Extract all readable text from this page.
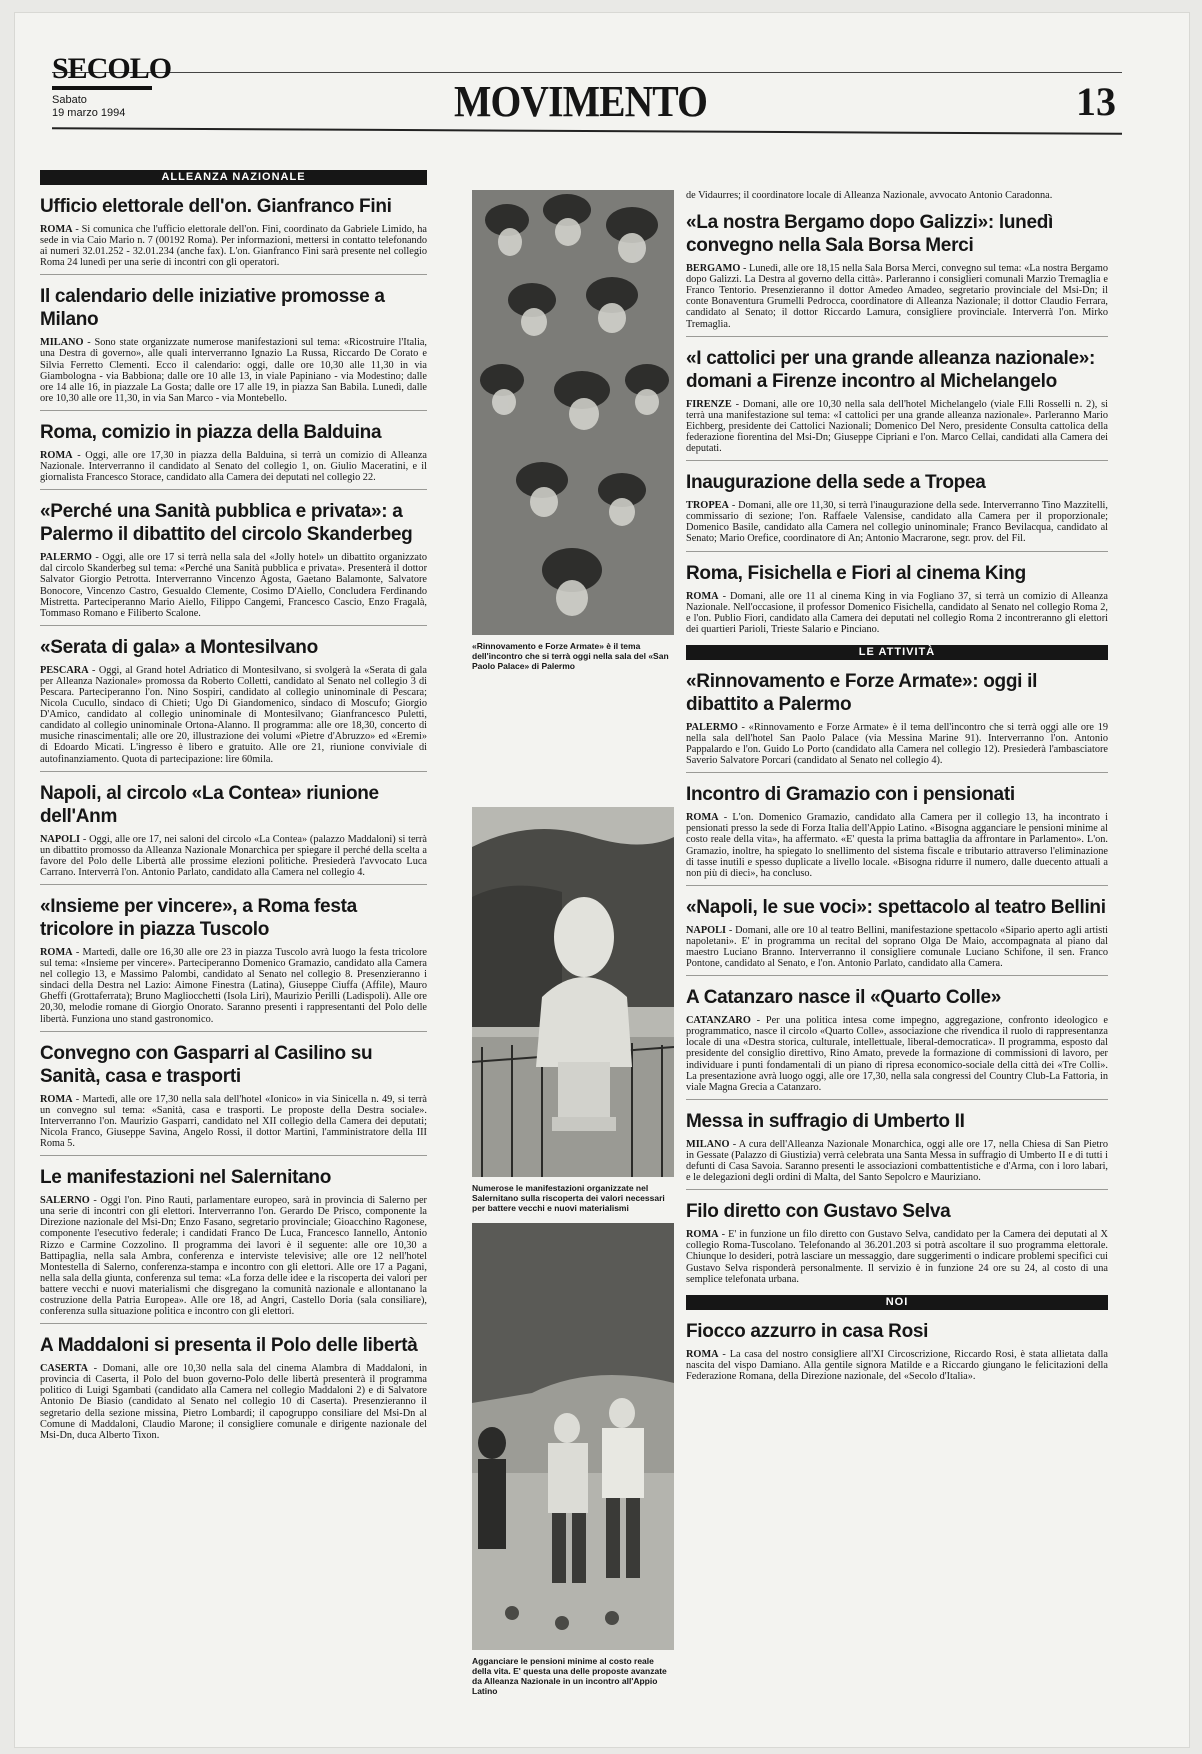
SECOLO
Sabato
19 marzo 1994	MOVIMENTO	13
ALLEANZA NAZIONALE
Ufficio elettorale dell'on. Gianfranco Fini

ROMA - Si comunica che l'ufficio elettorale dell'on. Fini, coordinato da Gabriele Limido, ha sede in via Caio Mario n. 7 (00192 Roma). Per informazioni, mettersi in contatto telefonando ai numeri 32.01.252 - 32.01.234 (anche fax). L'on. Gianfranco Fini sarà presente nel collegio Roma 24 lunedì per una serie di incontri con gli operatori.

Il calendario delle iniziative promosse a Milano

MILANO - Sono state organizzate numerose manifestazioni sul tema: «Ricostruire l'Italia, una Destra di governo», alle quali interverranno Ignazio La Russa, Riccardo De Corato e Silvia Ferretto Clementi. Ecco il calendario: oggi, dalle ore 10,30 alle 11,30 in via Giambologna - via Babbiona; dalle ore 10 alle 13, in viale Papiniano - via Modestino; dalle ore 14 alle 16, in piazzale La Gosta; dalle ore 17 alle 19, in piazza San Babila. Lunedì, dalle ore 10,30 alle ore 11,30, in via San Marco - via Montebello.

Roma, comizio in piazza della Balduina

ROMA - Oggi, alle ore 17,30 in piazza della Balduina, si terrà un comizio di Alleanza Nazionale. Interverranno il candidato al Senato del collegio 1, on. Giulio Maceratini, e il giornalista Francesco Storace, candidato alla Camera dei deputati nel collegio 22.

«Perché una Sanità pubblica e privata»: a Palermo il dibattito del circolo Skanderbeg

PALERMO - Oggi, alle ore 17 si terrà nella sala del «Jolly hotel» un dibattito organizzato dal circolo Skanderbeg sul tema: «Perché una Sanità pubblica e privata». Presenterà il dottor Salvator Giorgio Petrotta. Interverranno Vincenzo Agosta, Gaetano Balamonte, Salvatore Bonocore, Vincenzo Castro, Gesualdo Clemente, Cosimo D'Aiello, Concludera Ferdinando Mistretta. Parteciperanno Mario Aiello, Filippo Cangemi, Francesco Cascio, Enzo Fragalà, Tommaso Romano e Filiberto Scalone.

«Serata di gala» a Montesilvano

PESCARA - Oggi, al Grand hotel Adriatico di Montesilvano, si svolgerà la «Serata di gala per Alleanza Nazionale» promossa da Roberto Colletti, candidato al Senato nel collegio 3 di Pescara. Parteciperanno l'on. Nino Sospiri, candidato al collegio uninominale di Pescara; Nicola Cucullo, sindaco di Chieti; Ugo Di Giandomenico, sindaco di Moscufo; Giorgio D'Amico, candidato al collegio uninominale di Montesilvano; Gianfrancesco Puletti, candidato al collegio uninominale Ortona-Alanno. Il programma: alle ore 18,30, concerto di musiche rinascimentali; alle ore 20, illustrazione dei volumi «Pietre d'Abruzzo» ed «Eremi» di Edoardo Micati. L'ingresso è libero e gratuito. Alle ore 21, riunione conviviale di autofinanziamento. Quota di partecipazione: lire 60mila.

Napoli, al circolo «La Contea» riunione dell'Anm

NAPOLI - Oggi, alle ore 17, nei saloni del circolo «La Contea» (palazzo Maddaloni) si terrà un dibattito promosso da Alleanza Nazionale Monarchica per spiegare il perché della scelta a favore del Polo delle Libertà alle prossime elezioni politiche. Presiederà l'avvocato Luca Carrano. Interverrà l'on. Antonio Parlato, candidato alla Camera nel collegio 4.

«Insieme per vincere», a Roma festa tricolore in piazza Tuscolo

ROMA - Martedì, dalle ore 16,30 alle ore 23 in piazza Tuscolo avrà luogo la festa tricolore sul tema: «Insieme per vincere». Parteciperanno Domenico Gramazio, candidato alla Camera nel collegio 13, e Massimo Palombi, candidato al Senato nel collegio 8. Presenzieranno i sindaci della Destra nel Lazio: Aimone Finestra (Latina), Giuseppe Ciuffa (Affile), Mauro Gheffi (Grottaferrata); Bruno Magliocchetti (Isola Liri), Maurizio Perilli (Ladispoli). Alle ore 20,30, melodie romane di Giorgio Onorato. Saranno presenti i rappresentanti del Polo delle libertà. Funziona uno stand gastronomico.

Convegno con Gasparri al Casilino su Sanità, casa e trasporti

ROMA - Martedì, alle ore 17,30 nella sala dell'hotel «Ionico» in via Sinicella n. 49, si terrà un convegno sul tema: «Sanità, casa e trasporti. Le proposte della Destra sociale». Interverranno l'on. Maurizio Gasparri, candidato nel XII collegio della Camera dei deputati; Nicola Franco, Giuseppe Savina, Angelo Rossi, il dottor Martini, l'amministratore della III Roma 5.

Le manifestazioni nel Salernitano

SALERNO - Oggi l'on. Pino Rauti, parlamentare europeo, sarà in provincia di Salerno per una serie di incontri con gli elettori. Interverranno l'on. Gerardo De Prisco, componente la Direzione nazionale del Msi-Dn; Enzo Fasano, segretario provinciale; Gioacchino Ragonese, componente l'esecutivo federale; i candidati Franco De Luca, Francesco Iannello, Antonio Rizzo e Carmine Cozzolino. Il programma dei lavori è il seguente: alle ore 10,30 a Battipaglia, nella sala Ambra, conferenza e interviste televisive; alle ore 12 nell'hotel Montestella di Salerno, conferenza-stampa e incontro con gli elettori. Alle ore 17 a Pagani, nella sala della giunta, conferenza sul tema: «La forza delle idee e la riscoperta dei valori per battere vecchi e nuovi materialismi che disgregano la comunità nazionale e allontanano la costruzione della Patria Europea». Alle ore 18, ad Angri, Castello Doria (sala consiliare), conferenza sulla situazione politica e incontro con gli elettori.

A Maddaloni si presenta il Polo delle libertà

CASERTA - Domani, alle ore 10,30 nella sala del cinema Alambra di Maddaloni, in provincia di Caserta, il Polo del buon governo-Polo delle libertà presenterà il programma politico di Luigi Sgambati (candidato alla Camera nel collegio Maddaloni 2) e di Salvatore Antonio De Biasio (candidato al Senato nel collegio 10 di Caserta). Presenzieranno il segretario della sezione missina, Pietro Lombardi; il capogruppo consiliare del Msi-Dn al Comune di Maddaloni, Claudio Marone; il consigliere comunale e dirigente nazionale del Msi-Dn, duca Alberto Tixon.

«Rinnovamento e Forze Armate» è il tema dell'incontro che si terrà oggi nella sala del «San Paolo Palace» di Palermo
Numerose le manifestazioni organizzate nel Salernitano sulla riscoperta dei valori necessari per battere vecchi e nuovi materialismi
Agganciare le pensioni minime al costo reale della vita. E' questa una delle proposte avanzate da Alleanza Nazionale in un incontro all'Appio Latino

de Vidaurres; il coordinatore locale di Alleanza Nazionale, avvocato Antonio Caradonna.

«La nostra Bergamo dopo Galizzi»: lunedì convegno nella Sala Borsa Merci

BERGAMO - Lunedì, alle ore 18,15 nella Sala Borsa Merci, convegno sul tema: «La nostra Bergamo dopo Galizzi. La Destra al governo della città». Parleranno i consiglieri comunali Marzio Tremaglia e Franco Tentorio. Presenzieranno il dottor Amedeo Amadeo, segretario provinciale del Msi-Dn; il conte Bonaventura Grumelli Pedrocca, coordinatore di Alleanza Nazionale; il dottor Claudio Ferrara, candidato al Senato; il dottor Riccardo Lamura, consigliere provinciale. Interverrà l'on. Mirko Tremaglia.

«I cattolici per una grande alleanza nazionale»: domani a Firenze incontro al Michelangelo

FIRENZE - Domani, alle ore 10,30 nella sala dell'hotel Michelangelo (viale F.lli Rosselli n. 2), si terrà una manifestazione sul tema: «I cattolici per una grande alleanza nazionale». Parleranno Mario Eichberg, presidente dei Cattolici Nazionali; Domenico Del Nero, presidente Consulta cattolica della federazione fiorentina del Msi-Dn; Giuseppe Cipriani e l'on. Marco Cellai, candidati alla Camera dei deputati.

Inaugurazione della sede a Tropea

TROPEA - Domani, alle ore 11,30, si terrà l'inaugurazione della sede. Interverranno Tino Mazzitelli, commissario di sezione; l'on. Raffaele Valensise, candidato alla Camera per il proporzionale; Domenico Basile, candidato alla Camera nel collegio uninominale; Franco Bevilacqua, candidato al Senato; Mario Orefice, coordinatore di An; Antonio Macrarone, segr. prov. del Fil.

Roma, Fisichella e Fiori al cinema King

ROMA - Domani, alle ore 11 al cinema King in via Fogliano 37, si terrà un comizio di Alleanza Nazionale. Nell'occasione, il professor Domenico Fisichella, candidato al Senato nel collegio Roma 2, e l'on. Publio Fiori, candidato alla Camera dei deputati nel collegio Roma 2 incontreranno gli elettori dei quartieri Parioli, Trieste Salario e Pinciano.

LE ATTIVITÀ
«Rinnovamento e Forze Armate»: oggi il dibattito a Palermo

PALERMO - «Rinnovamento e Forze Armate» è il tema dell'incontro che si terrà oggi alle ore 19 nella sala dell'hotel San Paolo Palace (via Messina Marine 91). Interverranno l'on. Antonio Pappalardo e l'on. Guido Lo Porto (candidato alla Camera nel collegio 12). Presiederà l'ambasciatore Saverio Salvatore Porcari (candidato al Senato nel collegio 4).

Incontro di Gramazio con i pensionati

ROMA - L'on. Domenico Gramazio, candidato alla Camera per il collegio 13, ha incontrato i pensionati presso la sede di Forza Italia dell'Appio Latino. «Bisogna agganciare le pensioni minime al costo reale della vita», ha affermato. «E' questa la prima battaglia da affrontare in Parlamento». L'on. Gramazio, inoltre, ha spiegato lo snellimento del sistema fiscale e tributario attraverso l'eliminazione di tasse inutili e spesso duplicate a livello locale. «Bisogna ridurre il numero, dalle duecento attuali a non più di dieci», ha concluso.

«Napoli, le sue voci»: spettacolo al teatro Bellini

NAPOLI - Domani, alle ore 10 al teatro Bellini, manifestazione spettacolo «Sipario aperto agli artisti napoletani». E' in programma un recital del soprano Olga De Maio, accompagnata al piano dal maestro Luciano Branno. Interverranno il consigliere comunale Luciano Schifone, il sen. Franco Pontone, candidato al Senato, e l'on. Antonio Parlato, candidato alla Camera.

A Catanzaro nasce il «Quarto Colle»

CATANZARO - Per una politica intesa come impegno, aggregazione, confronto ideologico e programmatico, nasce il circolo «Quarto Colle», associazione che rivendica il ruolo di rappresentanza locale di una «Destra storica, culturale, intellettuale, liberal-democratica». Il programma, esposto dal presidente del consiglio direttivo, Rino Amato, prevede la formazione di commissioni di lavoro, per individuare i punti fondamentali di un piano di ripresa economico-sociale della città dei «Tre Colli». La presentazione avrà luogo oggi, alle ore 17,30, nella sala congressi del Country Club-La Fattoria, in viale Magna Grecia a Catanzaro.

Messa in suffragio di Umberto II

MILANO - A cura dell'Alleanza Nazionale Monarchica, oggi alle ore 17, nella Chiesa di San Pietro in Gessate (Palazzo di Giustizia) verrà celebrata una Santa Messa in suffragio di Umberto II e di tutti i defunti di Casa Savoia. Saranno presenti le associazioni combattentistiche e d'Arma, con i loro labari, e le delegazioni degli ordini di Malta, del Santo Sepolcro e Mauriziano.

Filo diretto con Gustavo Selva

ROMA - E' in funzione un filo diretto con Gustavo Selva, candidato per la Camera dei deputati al X collegio Roma-Tuscolano. Telefonando al 36.201.203 si potrà ascoltare il suo programma elettorale. Chiunque lo desideri, potrà lasciare un messaggio, dare suggerimenti o indicare problemi specifici cui Gustavo Selva risponderà personalmente. Il servizio è in funzione 24 ore su 24, al costo di una semplice telefonata urbana.

NOI
Fiocco azzurro in casa Rosi

ROMA - La casa del nostro consigliere all'XI Circoscrizione, Riccardo Rosi, è stata allietata dalla nascita del vispo Damiano. Alla gentile signora Matilde e a Riccardo giungano le felicitazioni della Federazione Romana, della Direzione nazionale, del «Secolo d'Italia».
